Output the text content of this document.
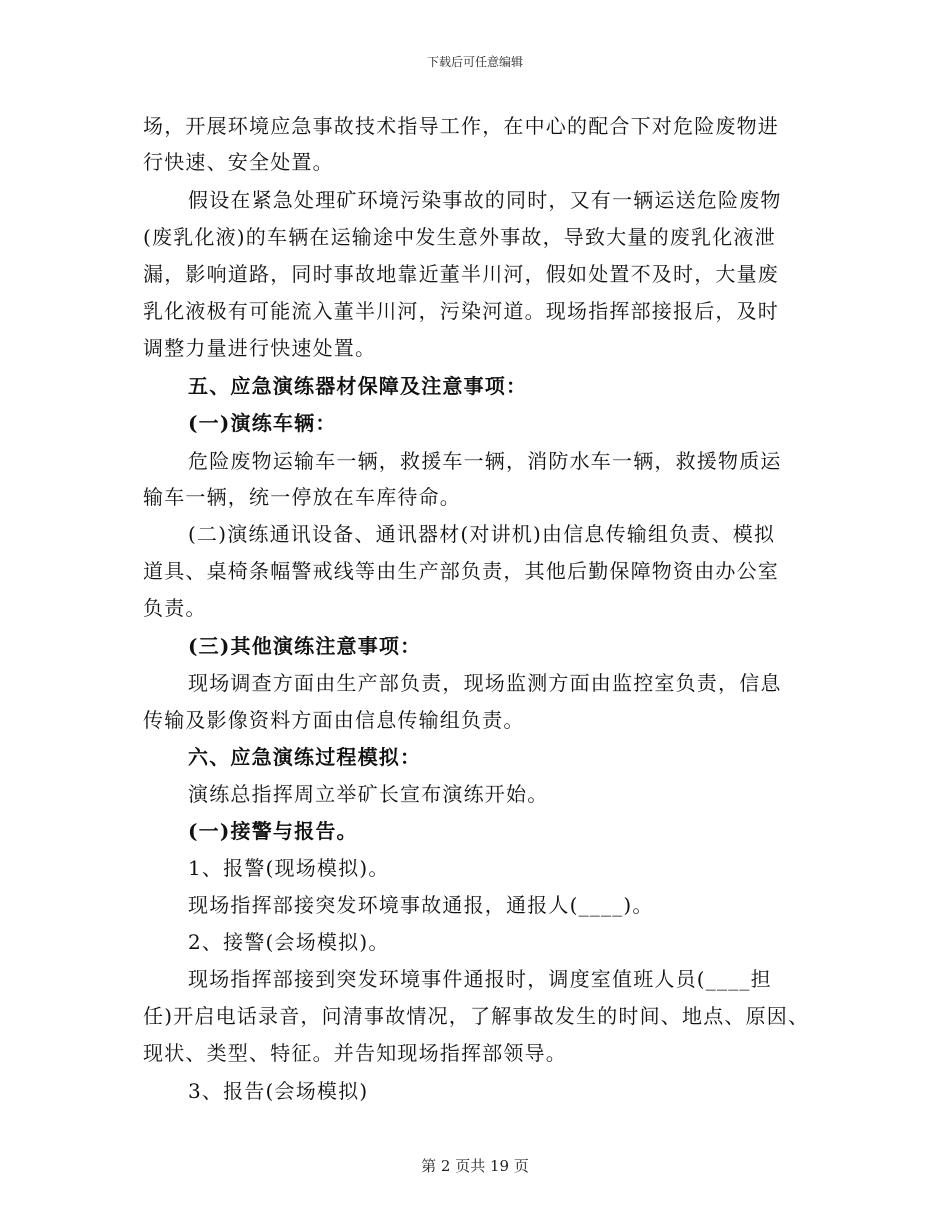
下载后可任意编辑
场，开展环境应急事故技术指导工作，在中心的配合下对危险废物进
行快速、安全处置。
假设在紧急处理矿环境污染事故的同时，又有一辆运送危险废物
(废乳化液)的车辆在运输途中发生意外事故，导致大量的废乳化液泄
漏，影响道路，同时事故地靠近董半川河，假如处置不及时，大量废
乳化液极有可能流入董半川河，污染河道。现场指挥部接报后，及时
调整力量进行快速处置。
五、应急演练器材保障及注意事项：
(一)演练车辆：
危险废物运输车一辆，救援车一辆，消防水车一辆，救援物质运
输车一辆，统一停放在车库待命。
(二)演练通讯设备、通讯器材(对讲机)由信息传输组负责、模拟
道具、桌椅条幅警戒线等由生产部负责，其他后勤保障物资由办公室
负责。
(三)其他演练注意事项：
现场调查方面由生产部负责，现场监测方面由监控室负责，信息
传输及影像资料方面由信息传输组负责。
六、应急演练过程模拟：
演练总指挥周立举矿长宣布演练开始。
(一)接警与报告。
1、报警(现场模拟)。
现场指挥部接突发环境事故通报，通报人(____)。
2、接警(会场模拟)。
现场指挥部接到突发环境事件通报时，调度室值班人员(____担
任)开启电话录音，问清事故情况，了解事故发生的时间、地点、原因、
现状、类型、特征。并告知现场指挥部领导。
3、报告(会场模拟)
第 2 页共 19 页
